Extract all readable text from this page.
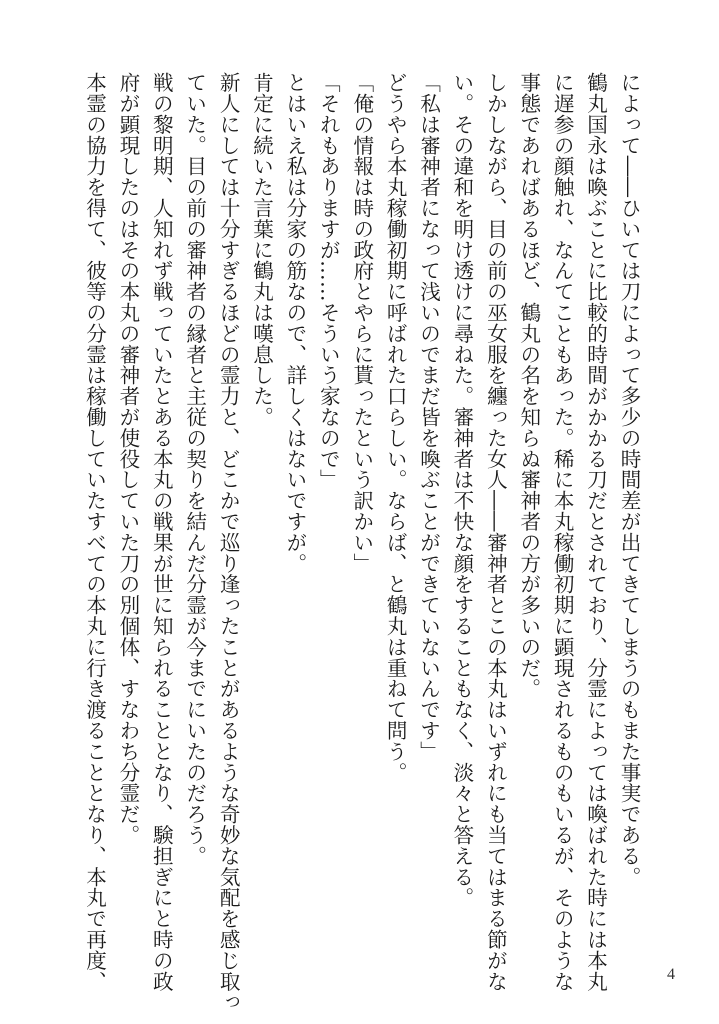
によって――ひいては刀によって多少の時間差が出てきてしまうのもまた事実である。
鶴丸国永は喚ぶことに比較的時間がかかる刀だとされており、分霊によっては喚ばれた時には本丸
に遅参の顔触れ、なんてこともあった。稀に本丸稼働初期に顕現されるものもいるが、そのような
事態であればあるほど、鶴丸の名を知らぬ審神者の方が多いのだ。
しかしながら、目の前の巫女服を纏った女人――審神者とこの本丸はいずれにも当てはまる節がな
い。その違和を明け透けに尋ねた。審神者は不快な顔をすることもなく、淡々と答える。
「私は審神者になって浅いのでまだ皆を喚ぶことができていないんです」
どうやら本丸稼働初期に呼ばれた口らしい。ならば、と鶴丸は重ねて問う。
「俺の情報は時の政府とやらに貰ったという訳かい」
「それもありますが……そういう家なので」
とはいえ私は分家の筋なので、詳しくはないですが。
肯定に続いた言葉に鶴丸は嘆息した。
新人にしては十分すぎるほどの霊力と、どこかで巡り逢ったことがあるような奇妙な気配を感じ取っ
ていた。目の前の審神者の縁者と主従の契りを結んだ分霊が今までにいたのだろう。
戦の黎明期、人知れず戦っていたとある本丸の戦果が世に知られることとなり、験担ぎにと時の政
府が顕現したのはその本丸の審神者が使役していた刀の別個体、すなわち分霊だ。
本霊の協力を得て、彼等の分霊は稼働していたすべての本丸に行き渡ることとなり、本丸で再度、	4
